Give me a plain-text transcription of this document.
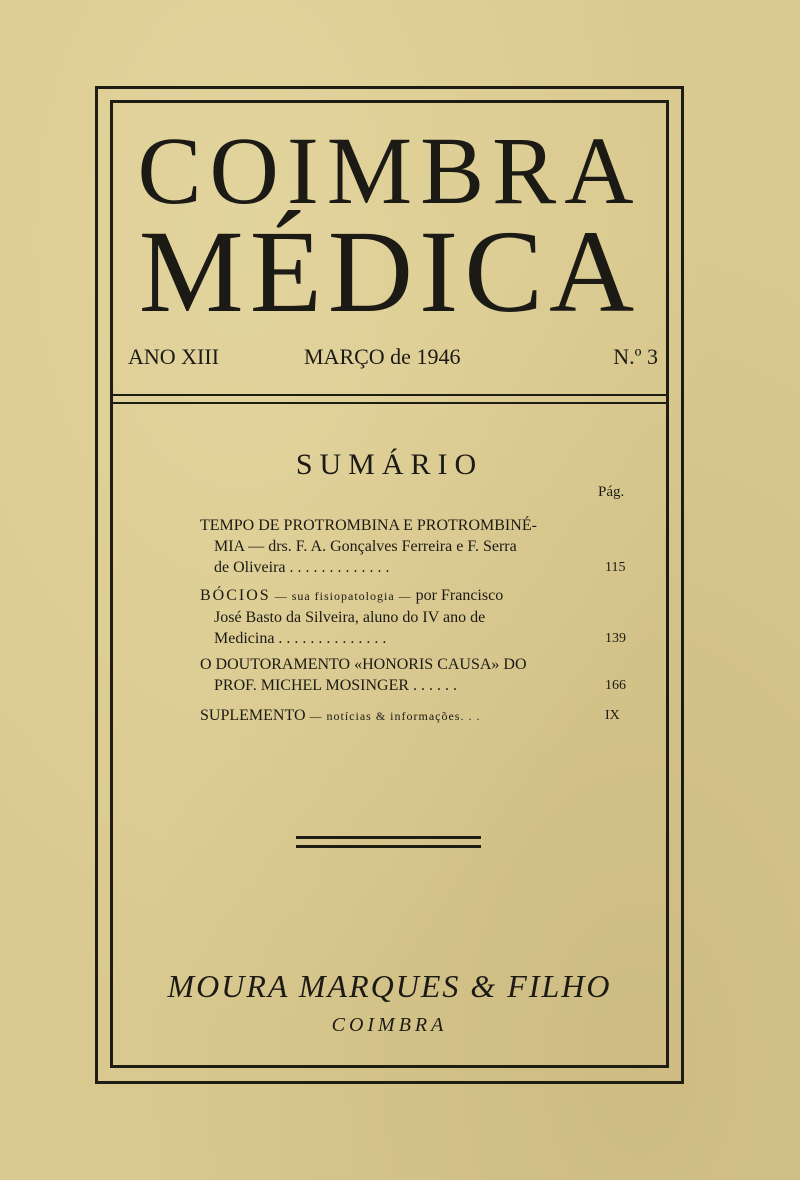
COIMBRA
MÉDICA
ANO XIII	MARÇO de 1946	N.º 3
SUMÁRIO
Pág.
TEMPO DE PROTROMBINA E PROTROMBINÉ-
MIA — drs. F. A. Gonçalves Ferreira e F. Serra
de Oliveira . . . . . . . . . . . . .	115
BÓCIOS — sua fisiopatologia — por Francisco
José Basto da Silveira, aluno do IV ano de
Medicina . . . . . . . . . . . . . .	139
O DOUTORAMENTO «HONORIS CAUSA» DO
PROF. MICHEL MOSINGER . . . . . .	166
SUPLEMENTO — notícias & informações. . .	IX
MOURA MARQUES & FILHO
COIMBRA
